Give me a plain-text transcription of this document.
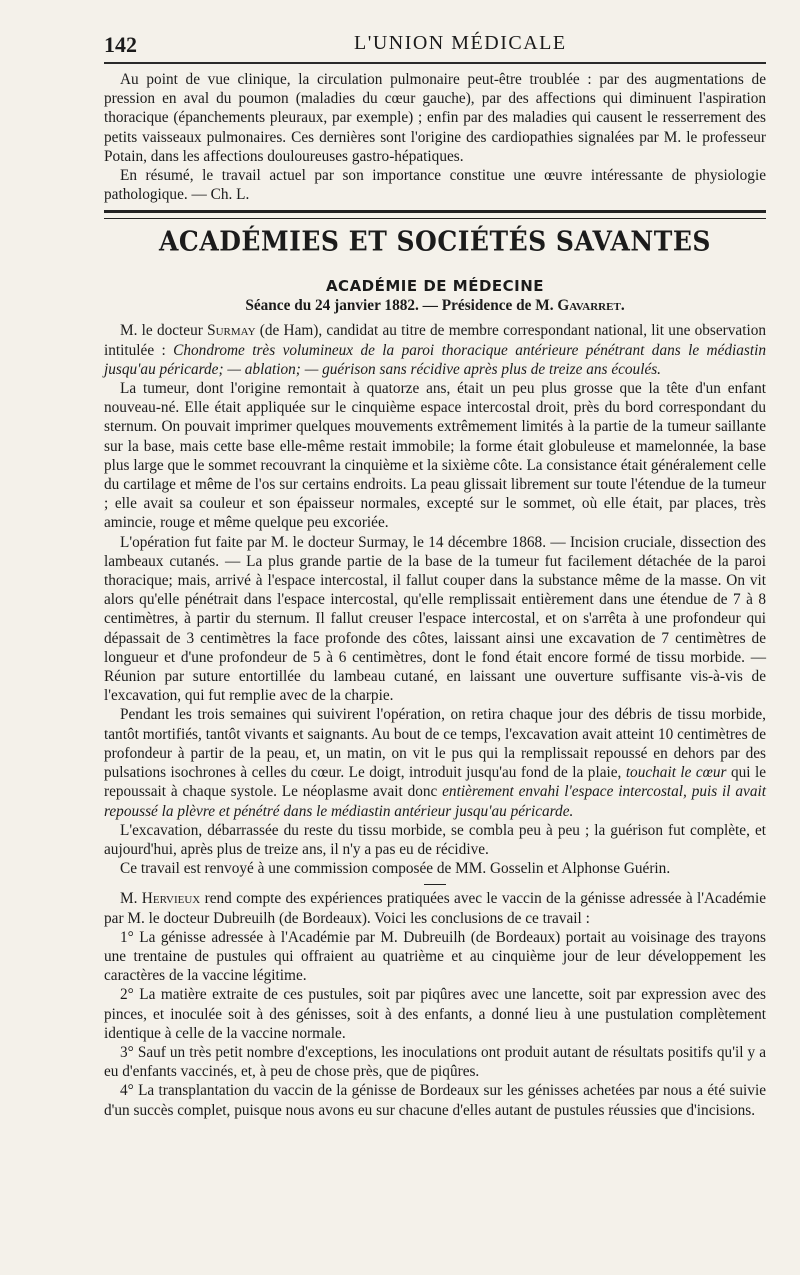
142	L'UNION MÉDICALE

Au point de vue clinique, la circulation pulmonaire peut-être troublée : par des augmentations de pression en aval du poumon (maladies du cœur gauche), par des affections qui diminuent l'aspiration thoracique (épanchements pleuraux, par exemple) ; enfin par des maladies qui causent le resserrement des petits vaisseaux pulmonaires. Ces dernières sont l'origine des cardiopathies signalées par M. le professeur Potain, dans les affections douloureuses gastro-hépatiques.

En résumé, le travail actuel par son importance constitue une œuvre intéressante de physiologie pathologique. — Ch. L.

ACADÉMIES ET SOCIÉTÉS SAVANTES
ACADÉMIE DE MÉDECINE
Séance du 24 janvier 1882. — Présidence de M. Gavarret.

M. le docteur Surmay (de Ham), candidat au titre de membre correspondant national, lit une observation intitulée : Chondrome très volumineux de la paroi thoracique antérieure pénétrant dans le médiastin jusqu'au péricarde; — ablation; — guérison sans récidive après plus de treize ans écoulés.

La tumeur, dont l'origine remontait à quatorze ans, était un peu plus grosse que la tête d'un enfant nouveau-né. Elle était appliquée sur le cinquième espace intercostal droit, près du bord correspondant du sternum. On pouvait imprimer quelques mouvements extrêmement limités à la partie de la tumeur saillante sur la base, mais cette base elle-même restait immobile; la forme était globuleuse et mamelonnée, la base plus large que le sommet recouvrant la cinquième et la sixième côte. La consistance était généralement celle du cartilage et même de l'os sur certains endroits. La peau glissait librement sur toute l'étendue de la tumeur ; elle avait sa couleur et son épaisseur normales, excepté sur le sommet, où elle était, par places, très amincie, rouge et même quelque peu excoriée.

L'opération fut faite par M. le docteur Surmay, le 14 décembre 1868. — Incision cruciale, dissection des lambeaux cutanés. — La plus grande partie de la base de la tumeur fut facilement détachée de la paroi thoracique; mais, arrivé à l'espace intercostal, il fallut couper dans la substance même de la masse. On vit alors qu'elle pénétrait dans l'espace intercostal, qu'elle remplissait entièrement dans une étendue de 7 à 8 centimètres, à partir du sternum. Il fallut creuser l'espace intercostal, et on s'arrêta à une profondeur qui dépassait de 3 centimètres la face profonde des côtes, laissant ainsi une excavation de 7 centimètres de longueur et d'une profondeur de 5 à 6 centimètres, dont le fond était encore formé de tissu morbide. — Réunion par suture entortillée du lambeau cutané, en laissant une ouverture suffisante vis-à-vis de l'excavation, qui fut remplie avec de la charpie.

Pendant les trois semaines qui suivirent l'opération, on retira chaque jour des débris de tissu morbide, tantôt mortifiés, tantôt vivants et saignants. Au bout de ce temps, l'excavation avait atteint 10 centimètres de profondeur à partir de la peau, et, un matin, on vit le pus qui la remplissait repoussé en dehors par des pulsations isochrones à celles du cœur. Le doigt, introduit jusqu'au fond de la plaie, touchait le cœur qui le repoussait à chaque systole. Le néoplasme avait donc entièrement envahi l'espace intercostal, puis il avait repoussé la plèvre et pénétré dans le médiastin antérieur jusqu'au péricarde.

L'excavation, débarrassée du reste du tissu morbide, se combla peu à peu ; la guérison fut complète, et aujourd'hui, après plus de treize ans, il n'y a pas eu de récidive.

Ce travail est renvoyé à une commission composée de MM. Gosselin et Alphonse Guérin.

M. Hervieux rend compte des expériences pratiquées avec le vaccin de la génisse adressée à l'Académie par M. le docteur Dubreuilh (de Bordeaux). Voici les conclusions de ce travail :

1° La génisse adressée à l'Académie par M. Dubreuilh (de Bordeaux) portait au voisinage des trayons une trentaine de pustules qui offraient au quatrième et au cinquième jour de leur développement les caractères de la vaccine légitime.

2° La matière extraite de ces pustules, soit par piqûres avec une lancette, soit par expression avec des pinces, et inoculée soit à des génisses, soit à des enfants, a donné lieu à une pustulation complètement identique à celle de la vaccine normale.

3° Sauf un très petit nombre d'exceptions, les inoculations ont produit autant de résultats positifs qu'il y a eu d'enfants vaccinés, et, à peu de chose près, que de piqûres.

4° La transplantation du vaccin de la génisse de Bordeaux sur les génisses achetées par nous a été suivie d'un succès complet, puisque nous avons eu sur chacune d'elles autant de pustules réussies que d'incisions.
